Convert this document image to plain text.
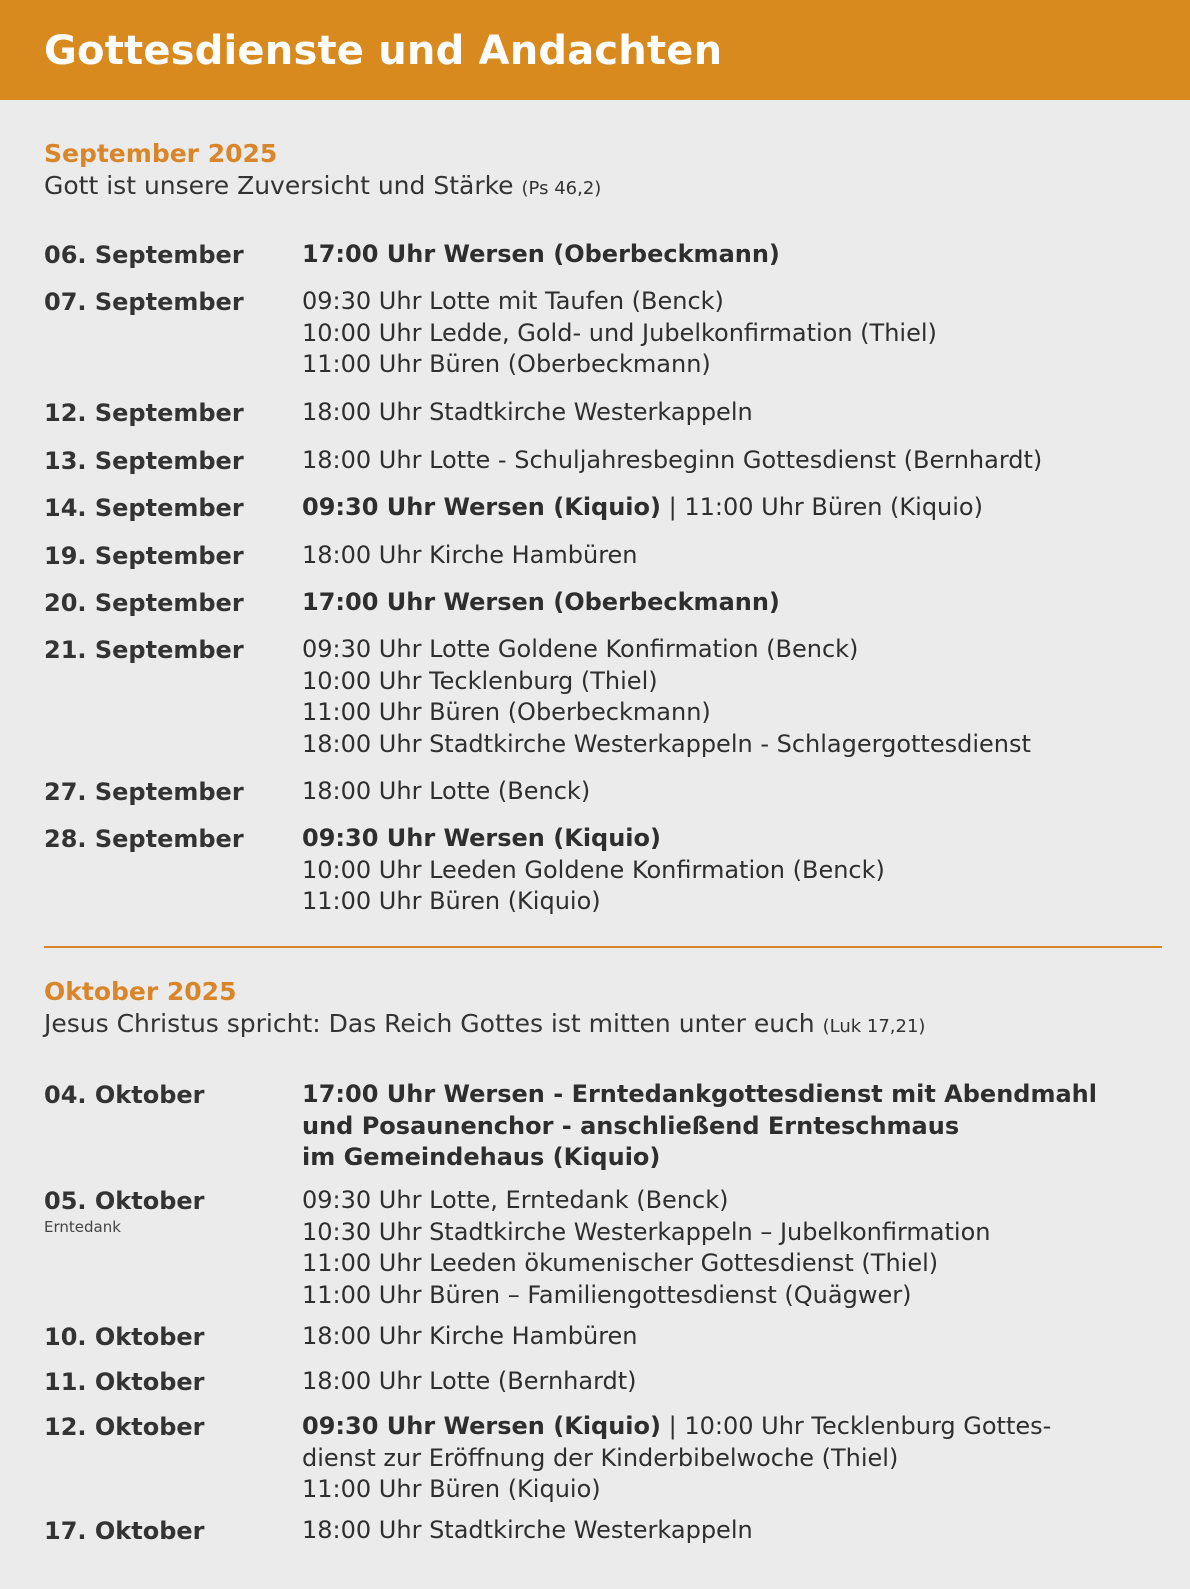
Gottesdienste und Andachten

September 2025

Gott ist unsere Zuversicht und Stärke (Ps 46,2)

06. September	17:00 Uhr Wersen (Oberbeckmann)
07. September	09:30 Uhr Lotte mit Taufen (Benck)
10:00 Uhr Ledde, Gold- und Jubelkonfirmation (Thiel)
11:00 Uhr Büren (Oberbeckmann)
12. September	18:00 Uhr Stadtkirche Westerkappeln
13. September	18:00 Uhr Lotte - Schuljahresbeginn Gottesdienst (Bernhardt)
14. September	09:30 Uhr Wersen (Kiquio) | 11:00 Uhr Büren (Kiquio)
19. September	18:00 Uhr Kirche Hambüren
20. September	17:00 Uhr Wersen (Oberbeckmann)
21. September	09:30 Uhr Lotte Goldene Konfirmation (Benck)
10:00 Uhr Tecklenburg (Thiel)
11:00 Uhr Büren (Oberbeckmann)
18:00 Uhr Stadtkirche Westerkappeln - Schlagergottesdienst
27. September	18:00 Uhr Lotte (Benck)
28. September	09:30 Uhr Wersen (Kiquio)
10:00 Uhr Leeden Goldene Konfirmation (Benck)
11:00 Uhr Büren (Kiquio)

Oktober 2025

Jesus Christus spricht: Das Reich Gottes ist mitten unter euch (Luk 17,21)

04. Oktober	17:00 Uhr Wersen - Erntedankgottesdienst mit Abendmahl
und Posaunenchor - anschließend Ernteschmaus
im Gemeindehaus (Kiquio)
05. Oktober
Erntedank
09:30 Uhr Lotte, Erntedank (Benck)
10:30 Uhr Stadtkirche Westerkappeln – Jubelkonfirmation
11:00 Uhr Leeden ökumenischer Gottesdienst (Thiel)
11:00 Uhr Büren – Familiengottesdienst (Quägwer)
10. Oktober	18:00 Uhr Kirche Hambüren
11. Oktober	18:00 Uhr Lotte (Bernhardt)
12. Oktober	09:30 Uhr Wersen (Kiquio) | 10:00 Uhr Tecklenburg Gottes-
dienst zur Eröffnung der Kinderbibelwoche (Thiel)
11:00 Uhr Büren (Kiquio)
17. Oktober	18:00 Uhr Stadtkirche Westerkappeln
